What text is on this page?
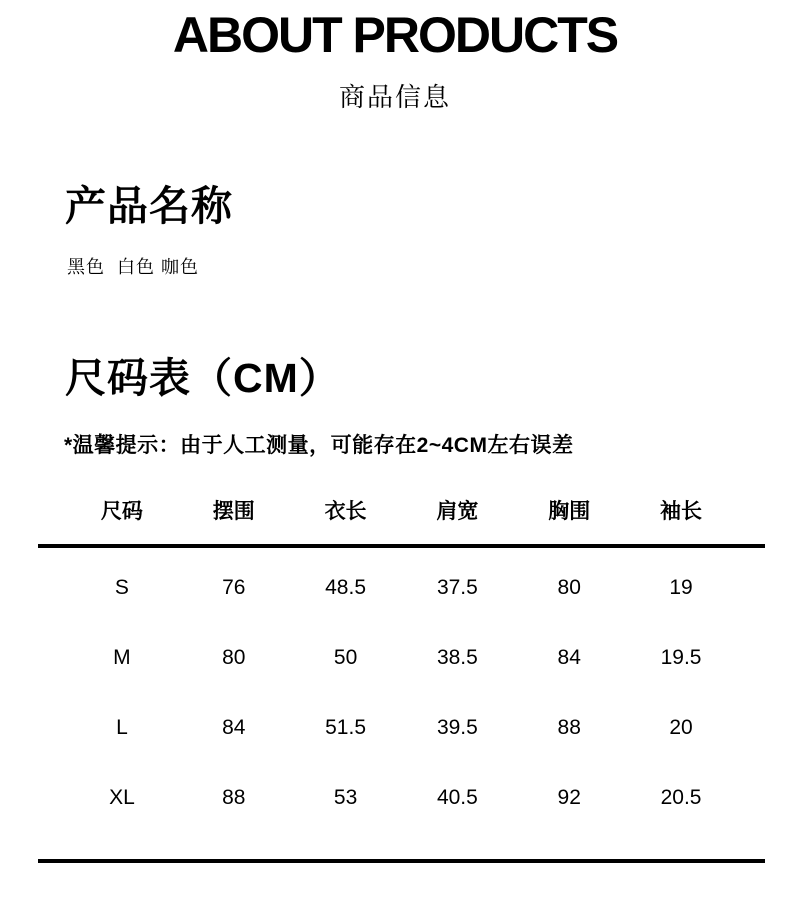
ABOUT PRODUCTS
商品信息
产品名称
黑色  白色 咖色
尺码表（CM）
*温馨提示：由于人工测量，可能存在2~4CM左右误差
尺码	摆围	衣长	肩宽	胸围	袖长
S	76	48.5	37.5	80	19
M	80	50	38.5	84	19.5
L	84	51.5	39.5	88	20
XL	88	53	40.5	92	20.5
